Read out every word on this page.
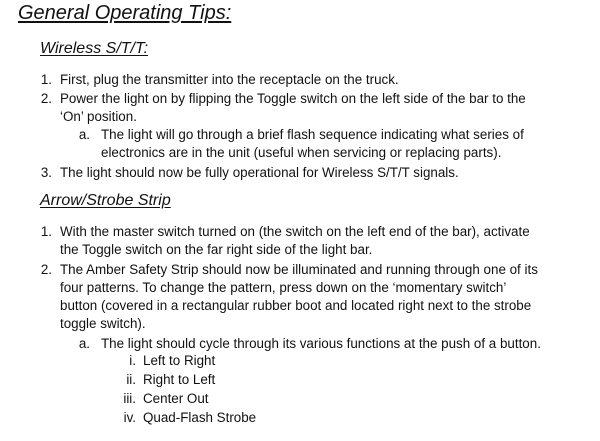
General Operating Tips:
Wireless S/T/T:
1. First, plug the transmitter into the receptacle on the truck.
2. Power the light on by flipping the Toggle switch on the left side of the bar to the
‘On’ position.
a. The light will go through a brief flash sequence indicating what series of
electronics are in the unit (useful when servicing or replacing parts).
3. The light should now be fully operational for Wireless S/T/T signals.
Arrow/Strobe Strip
1. With the master switch turned on (the switch on the left end of the bar), activate
the Toggle switch on the far right side of the light bar.
2. The Amber Safety Strip should now be illuminated and running through one of its
four patterns. To change the pattern, press down on the ‘momentary switch’
button (covered in a rectangular rubber boot and located right next to the strobe
toggle switch).
a. The light should cycle through its various functions at the push of a button.
i. Left to Right
ii. Right to Left
iii. Center Out
iv. Quad-Flash Strobe
